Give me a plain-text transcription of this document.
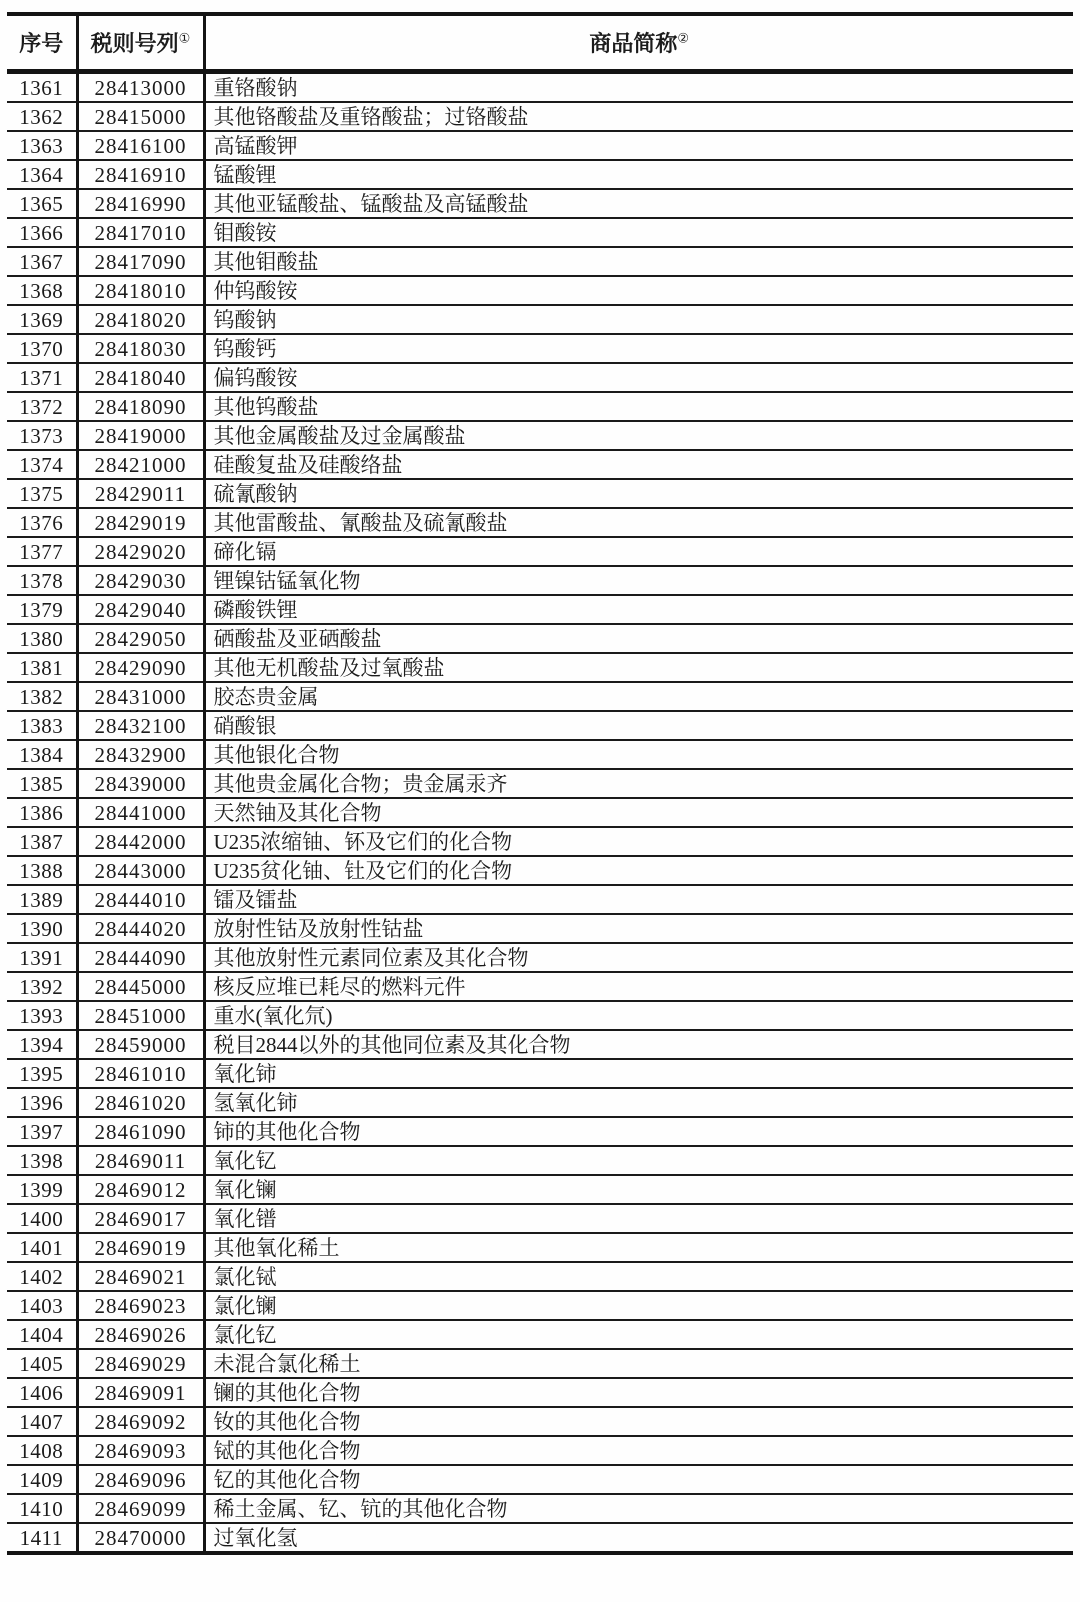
序号	税则号列①	商品简称②
1361	28413000	重铬酸钠
1362	28415000	其他铬酸盐及重铬酸盐；过铬酸盐
1363	28416100	高锰酸钾
1364	28416910	锰酸锂
1365	28416990	其他亚锰酸盐、锰酸盐及高锰酸盐
1366	28417010	钼酸铵
1367	28417090	其他钼酸盐
1368	28418010	仲钨酸铵
1369	28418020	钨酸钠
1370	28418030	钨酸钙
1371	28418040	偏钨酸铵
1372	28418090	其他钨酸盐
1373	28419000	其他金属酸盐及过金属酸盐
1374	28421000	硅酸复盐及硅酸络盐
1375	28429011	硫氰酸钠
1376	28429019	其他雷酸盐、氰酸盐及硫氰酸盐
1377	28429020	碲化镉
1378	28429030	锂镍钴锰氧化物
1379	28429040	磷酸铁锂
1380	28429050	硒酸盐及亚硒酸盐
1381	28429090	其他无机酸盐及过氧酸盐
1382	28431000	胶态贵金属
1383	28432100	硝酸银
1384	28432900	其他银化合物
1385	28439000	其他贵金属化合物；贵金属汞齐
1386	28441000	天然铀及其化合物
1387	28442000	U235浓缩铀、钚及它们的化合物
1388	28443000	U235贫化铀、钍及它们的化合物
1389	28444010	镭及镭盐
1390	28444020	放射性钴及放射性钴盐
1391	28444090	其他放射性元素同位素及其化合物
1392	28445000	核反应堆已耗尽的燃料元件
1393	28451000	重水(氧化氘)
1394	28459000	税目2844以外的其他同位素及其化合物
1395	28461010	氧化铈
1396	28461020	氢氧化铈
1397	28461090	铈的其他化合物
1398	28469011	氧化钇
1399	28469012	氧化镧
1400	28469017	氧化镨
1401	28469019	其他氧化稀土
1402	28469021	氯化铽
1403	28469023	氯化镧
1404	28469026	氯化钇
1405	28469029	未混合氯化稀土
1406	28469091	镧的其他化合物
1407	28469092	钕的其他化合物
1408	28469093	铽的其他化合物
1409	28469096	钇的其他化合物
1410	28469099	稀土金属、钇、钪的其他化合物
1411	28470000	过氧化氢
